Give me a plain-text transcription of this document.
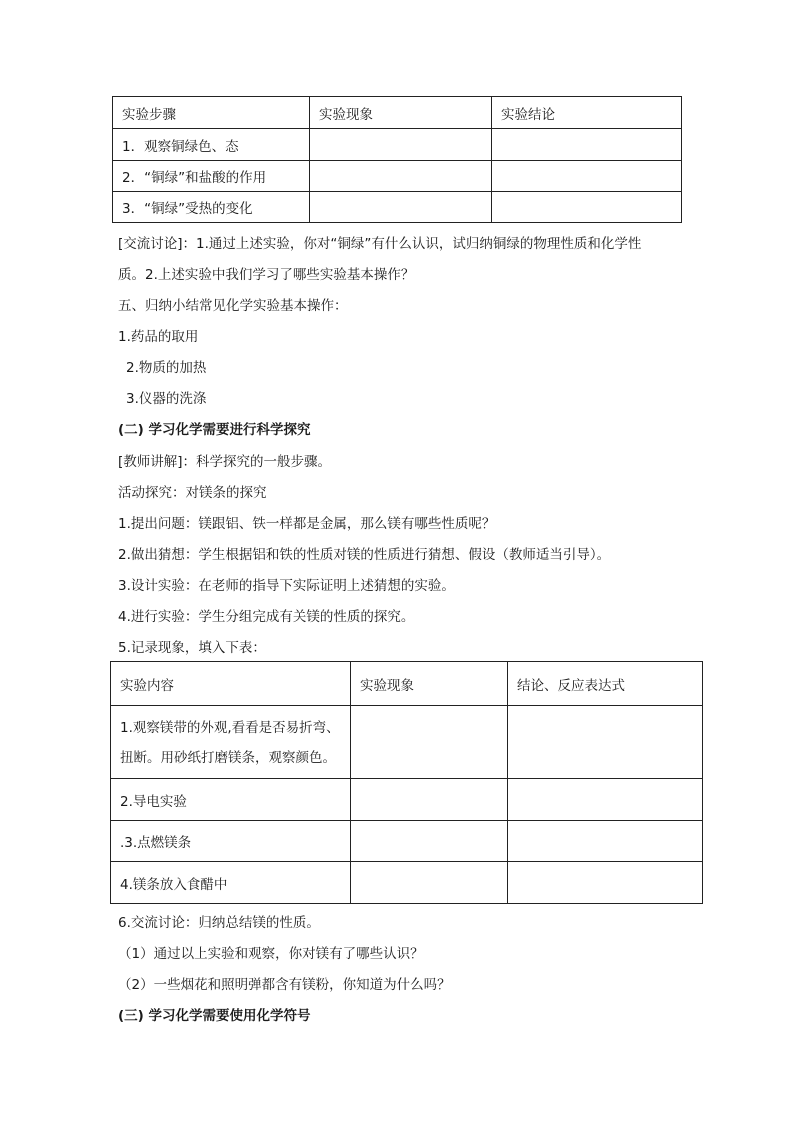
实验步骤	实验现象	实验结论
1．观察铜绿色、态		
2．“铜绿”和盐酸的作用		
3．“铜绿”受热的变化		
[交流讨论]：1.通过上述实验，你对“铜绿”有什么认识，试归纳铜绿的物理性质和化学性
质。2.上述实验中我们学习了哪些实验基本操作？
五、归纳小结常见化学实验基本操作：
1.药品的取用
2.物质的加热
3.仪器的洗涤
(二) 学习化学需要进行科学探究
[教师讲解]：科学探究的一般步骤。
活动探究：对镁条的探究
1.提出问题：镁跟铝、铁一样都是金属，那么镁有哪些性质呢？
2.做出猜想：学生根据铝和铁的性质对镁的性质进行猜想、假设（教师适当引导）。
3.设计实验：在老师的指导下实际证明上述猜想的实验。
4.进行实验：学生分组完成有关镁的性质的探究。
5.记录现象，填入下表：
实验内容	实验现象	结论、反应表达式
1.观察镁带的外观,看看是否易折弯、扭断。用砂纸打磨镁条，观察颜色。		
2.导电实验		
.3.点燃镁条		
4.镁条放入食醋中		
6.交流讨论：归纳总结镁的性质。
（1）通过以上实验和观察，你对镁有了哪些认识？
（2）一些烟花和照明弹都含有镁粉，你知道为什么吗？
(三) 学习化学需要使用化学符号
